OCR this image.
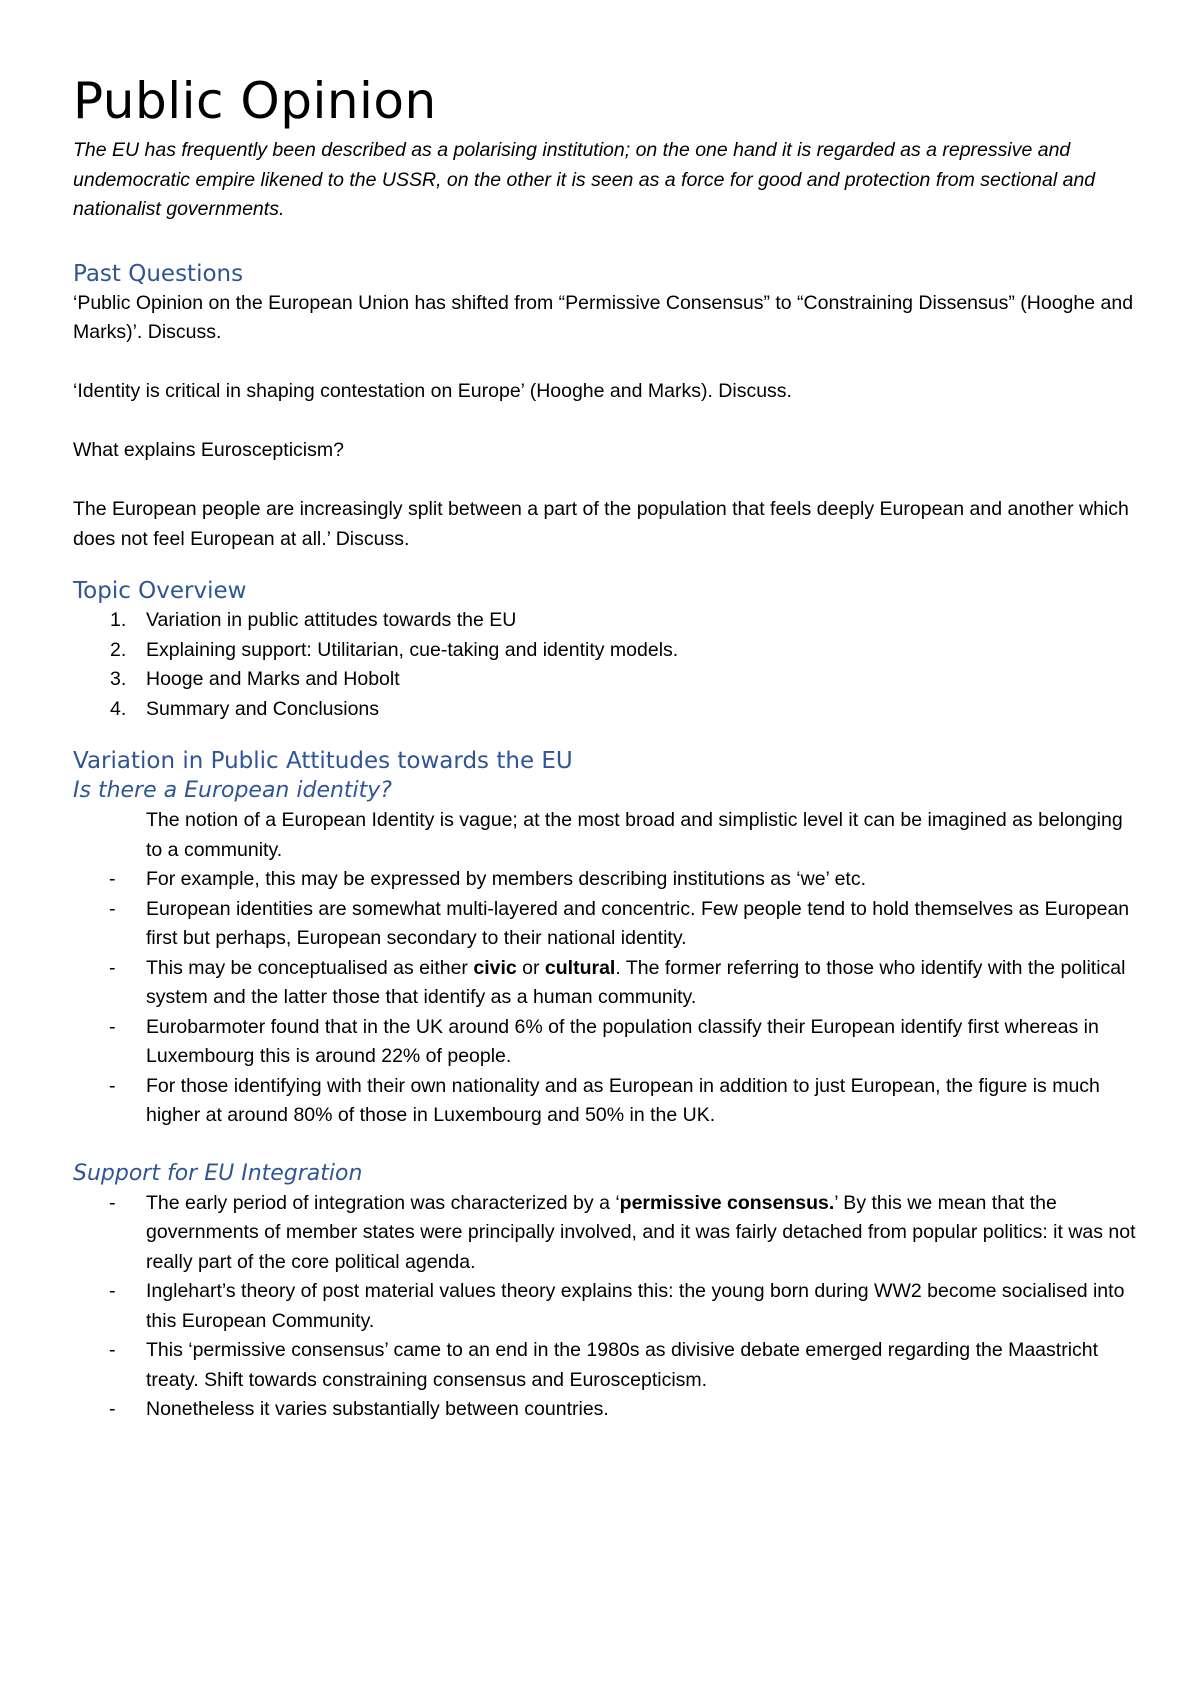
Public Opinion

The EU has frequently been described as a polarising institution; on the one hand it is regarded as a repressive and undemocratic empire likened to the USSR, on the other it is seen as a force for good and protection from sectional and nationalist governments.

Past Questions

‘Public Opinion on the European Union has shifted from “Permissive Consensus” to “Constraining Dissensus” (Hooghe and Marks)’. Discuss.

‘Identity is critical in shaping contestation on Europe’ (Hooghe and Marks). Discuss.

What explains Euroscepticism?

The European people are increasingly split between a part of the population that feels deeply European and another which does not feel European at all.’ Discuss.

Topic Overview
1. Variation in public attitudes towards the EU
2. Explaining support: Utilitarian, cue-taking and identity models.
3. Hooge and Marks and Hobolt
4. Summary and Conclusions
Variation in Public Attitudes towards the EU
Is there a European identity?
The notion of a European Identity is vague; at the most broad and simplistic level it can be imagined as belonging to a community.
- For example, this may be expressed by members describing institutions as ‘we’ etc.
- European identities are somewhat multi-layered and concentric. Few people tend to hold themselves as European first but perhaps, European secondary to their national identity.
- This may be conceptualised as either civic or cultural. The former referring to those who identify with the political system and the latter those that identify as a human community.
- Eurobarmoter found that in the UK around 6% of the population classify their European identify first whereas in Luxembourg this is around 22% of people.
- For those identifying with their own nationality and as European in addition to just European, the figure is much higher at around 80% of those in Luxembourg and 50% in the UK.
Support for EU Integration
- The early period of integration was characterized by a ‘permissive consensus.’ By this we mean that the governments of member states were principally involved, and it was fairly detached from popular politics: it was not really part of the core political agenda.
- Inglehart’s theory of post material values theory explains this: the young born during WW2 become socialised into this European Community.
- This ‘permissive consensus’ came to an end in the 1980s as divisive debate emerged regarding the Maastricht treaty. Shift towards constraining consensus and Euroscepticism.
- Nonetheless it varies substantially between countries.
